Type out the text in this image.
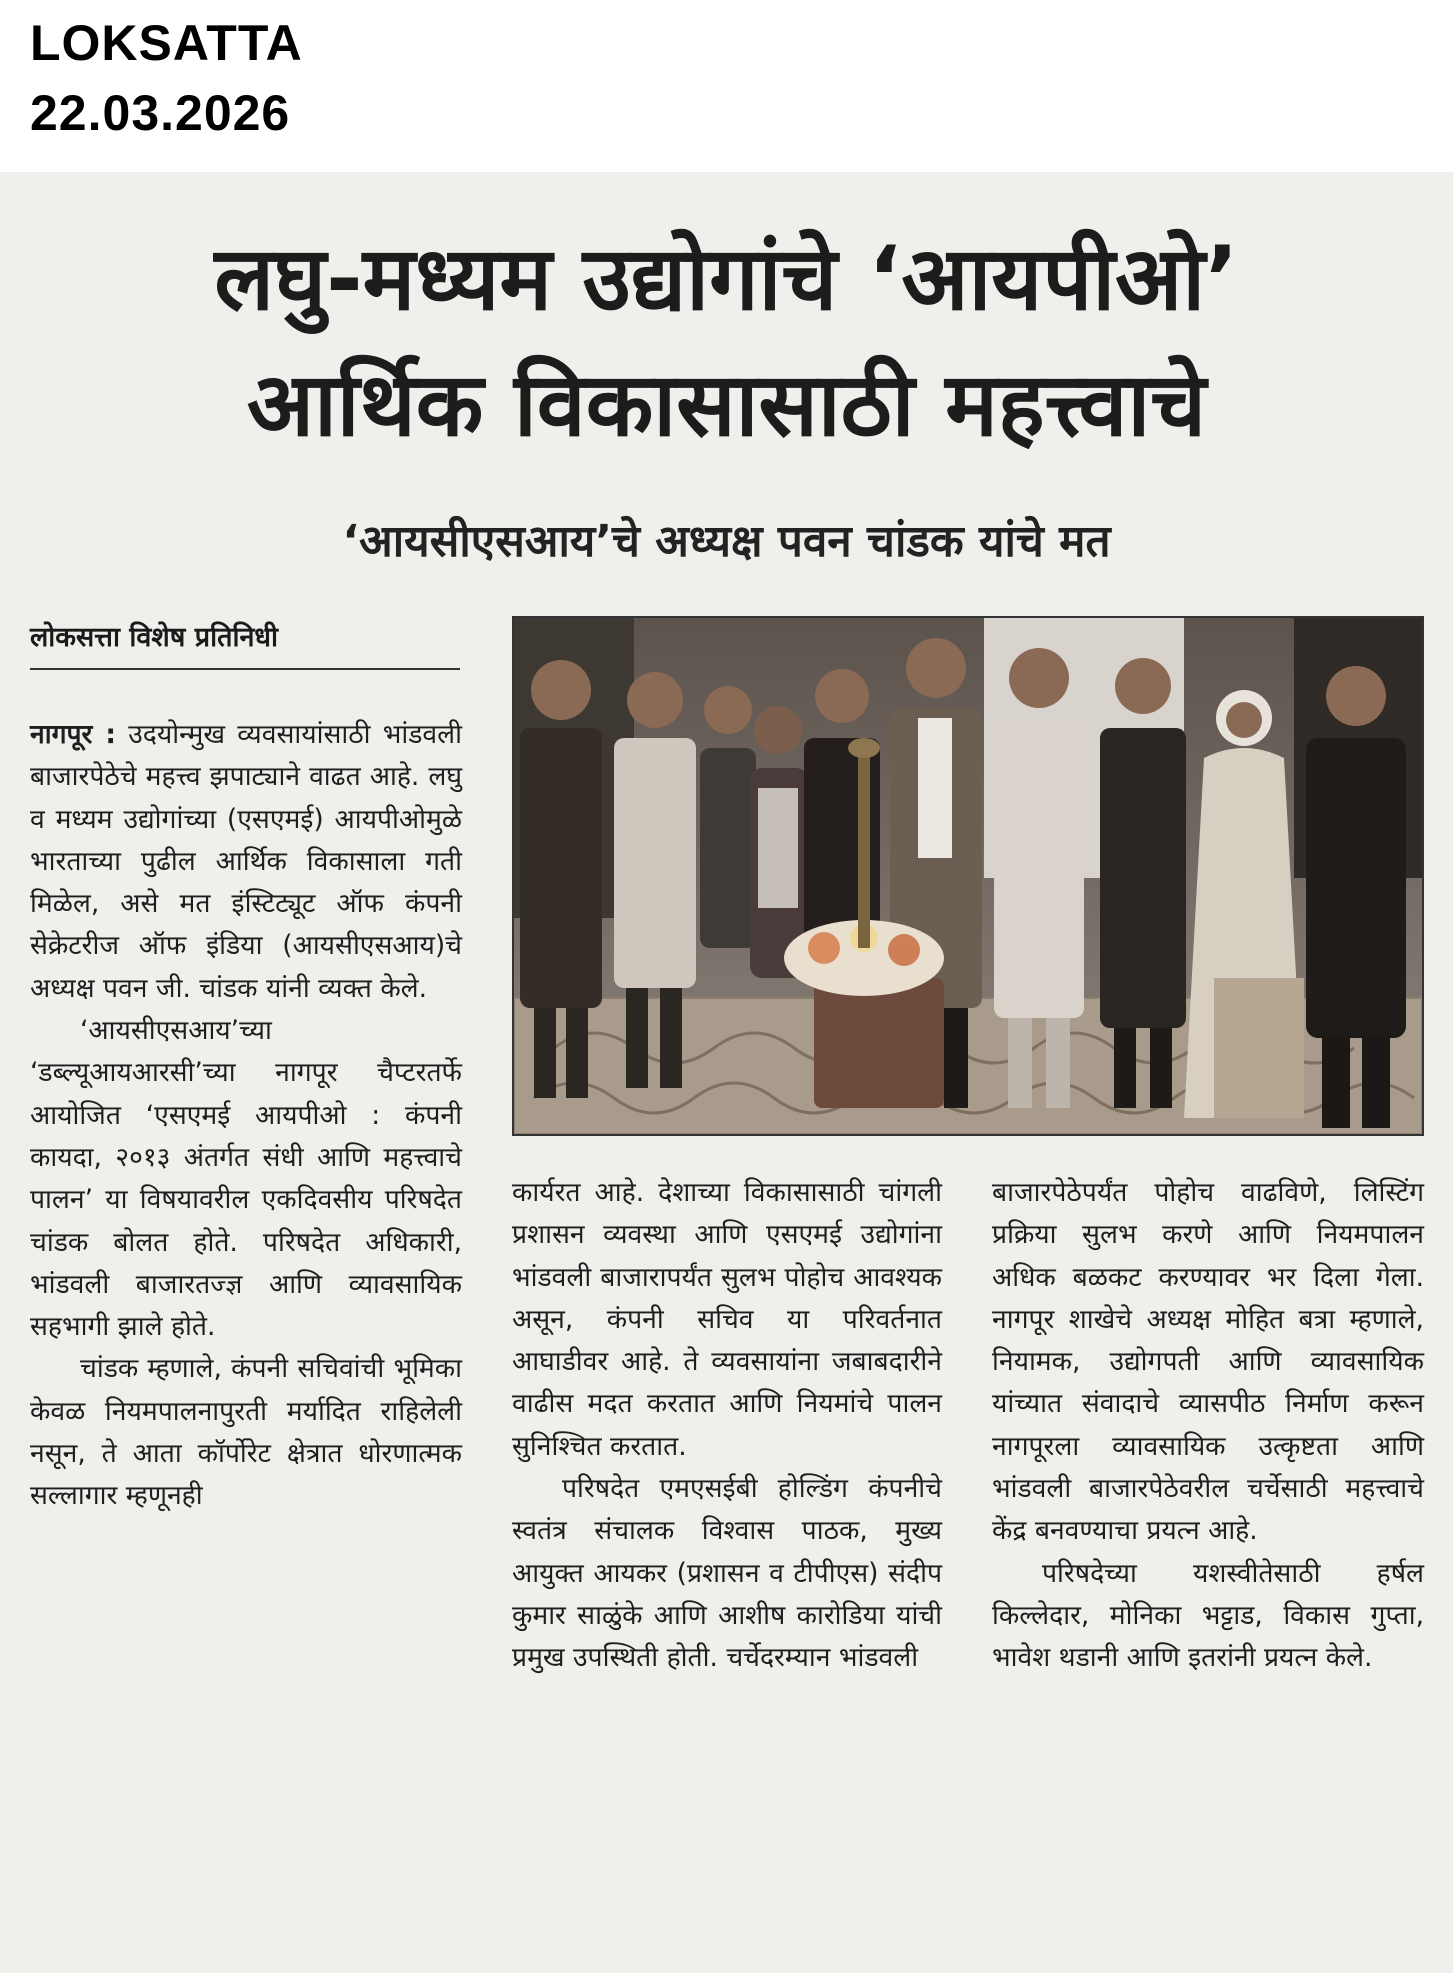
LOKSATTA
22.03.2026
लघु-मध्यम उद्योगांचे ‘आयपीओ’
आर्थिक विकासासाठी महत्त्वाचे
‘आयसीएसआय’चे अध्यक्ष पवन चांडक यांचे मत
लोकसत्ता विशेष प्रतिनिधी

नागपूर : उदयोन्मुख व्यवसायांसाठी भांडवली बाजारपेठेचे महत्त्व झपाट्याने वाढत आहे. लघु व मध्यम उद्योगांच्या (एसएमई) आयपीओमुळे भारताच्या पुढील आर्थिक विकासाला गती मिळेल, असे मत इंस्टिट्यूट ऑफ कंपनी सेक्रेटरीज ऑफ इंडिया (आयसीएसआय)चे अध्यक्ष पवन जी. चांडक यांनी व्यक्त केले.

‘आयसीएसआय’च्या ‘डब्ल्यूआयआरसी’च्या नागपूर चैप्टरतर्फे आयोजित ‘एसएमई आयपीओ : कंपनी कायदा, २०१३ अंतर्गत संधी आणि महत्त्वाचे पालन’ या विषयावरील एकदिवसीय परिषदेत चांडक बोलत होते. परिषदेत अधिकारी, भांडवली बाजारतज्ज्ञ आणि व्यावसायिक सहभागी झाले होते.

चांडक म्हणाले, कंपनी सचिवांची भूमिका केवळ नियमपालनापुरती मर्यादित राहिलेली नसून, ते आता कॉर्पोरेट क्षेत्रात धोरणात्मक सल्लागार म्हणूनही

कार्यरत आहे. देशाच्या विकासासाठी चांगली प्रशासन व्यवस्था आणि एसएमई उद्योगांना भांडवली बाजारापर्यंत सुलभ पोहोच आवश्यक असून, कंपनी सचिव या परिवर्तनात आघाडीवर आहे. ते व्यवसायांना जबाबदारीने वाढीस मदत करतात आणि नियमांचे पालन सुनिश्चित करतात.

परिषदेत एमएसईबी होल्डिंग कंपनीचे स्वतंत्र संचालक विश्वास पाठक, मुख्य आयुक्त आयकर (प्रशासन व टीपीएस) संदीप कुमार साळुंके आणि आशीष कारोडिया यांची प्रमुख उपस्थिती होती. चर्चेदरम्यान भांडवली

बाजारपेठेपर्यंत पोहोच वाढविणे, लिस्टिंग प्रक्रिया सुलभ करणे आणि नियमपालन अधिक बळकट करण्यावर भर दिला गेला. नागपूर शाखेचे अध्यक्ष मोहित बत्रा म्हणाले, नियामक, उद्योगपती आणि व्यावसायिक यांच्यात संवादाचे व्यासपीठ निर्माण करून नागपूरला व्यावसायिक उत्कृष्टता आणि भांडवली बाजारपेठेवरील चर्चेसाठी महत्त्वाचे केंद्र बनवण्याचा प्रयत्न आहे.

परिषदेच्या यशस्वीतेसाठी हर्षल किल्लेदार, मोनिका भट्टाड, विकास गुप्ता, भावेश थडानी आणि इतरांनी प्रयत्न केले.
